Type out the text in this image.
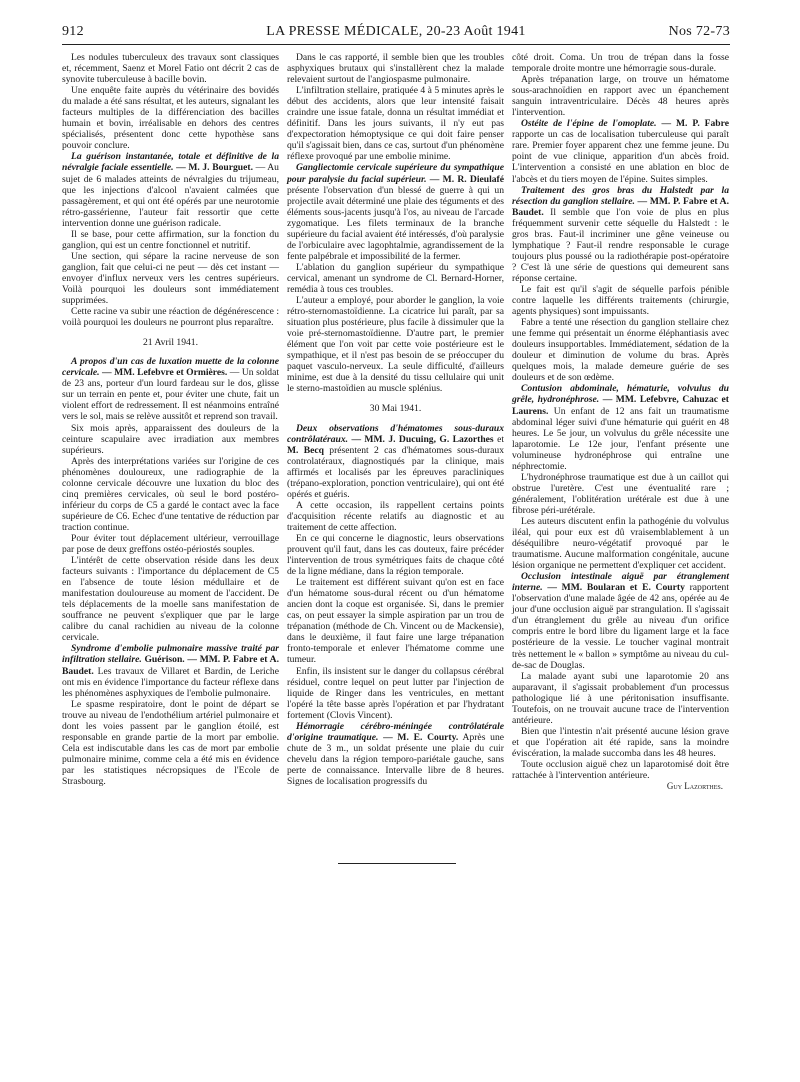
912	LA PRESSE MÉDICALE, 20-23 Août 1941	Nos 72-73

Les nodules tuberculeux des travaux sont classiques et, récemment, Saenz et Morel Fatio ont décrit 2 cas de synovite tuberculeuse à bacille bovin.

Une enquête faite auprès du vétérinaire des bovidés du malade a été sans résultat, et les auteurs, signalant les facteurs multiples de la différenciation des bacilles humain et bovin, irréalisable en dehors des centres spécialisés, présentent donc cette hypothèse sans pouvoir conclure.

La guérison instantanée, totale et définitive de la névralgie faciale essentielle. — M. J. Bourguet. — Au sujet de 6 malades atteints de névralgies du trijumeau, que les injections d'alcool n'avaient calmées que passagèrement, et qui ont été opérés par une neurotomie rétro-gassérienne, l'auteur fait ressortir que cette intervention donne une guérison radicale.

Il se base, pour cette affirmation, sur la fonction du ganglion, qui est un centre fonctionnel et nutritif.

Une section, qui sépare la racine nerveuse de son ganglion, fait que celui-ci ne peut — dès cet instant — envoyer d'influx nerveux vers les centres supérieurs. Voilà pourquoi les douleurs sont immédiatement supprimées.

Cette racine va subir une réaction de dégénérescence : voilà pourquoi les douleurs ne pourront plus reparaître.

21 Avril 1941.

A propos d'un cas de luxation muette de la colonne cervicale. — MM. Lefebvre et Ormières. — Un soldat de 23 ans, porteur d'un lourd fardeau sur le dos, glisse sur un terrain en pente et, pour éviter une chute, fait un violent effort de redressement. Il est néanmoins entraîné vers le sol, mais se relève aussitôt et reprend son travail.

Six mois après, apparaissent des douleurs de la ceinture scapulaire avec irradiation aux membres supérieurs.

Après des interprétations variées sur l'origine de ces phénomènes douloureux, une radiographie de la colonne cervicale découvre une luxation du bloc des cinq premières cervicales, où seul le bord postéro-inférieur du corps de C5 a gardé le contact avec la face supérieure de C6. Echec d'une tentative de réduction par traction continue.

Pour éviter tout déplacement ultérieur, verrouillage par pose de deux greffons ostéo-périostés souples.

L'intérêt de cette observation réside dans les deux facteurs suivants : l'importance du déplacement de C5 en l'absence de toute lésion médullaire et de manifestation douloureuse au moment de l'accident. De tels déplacements de la moelle sans manifestation de souffrance ne peuvent s'expliquer que par le large calibre du canal rachidien au niveau de la colonne cervicale.

Syndrome d'embolie pulmonaire massive traité par infiltration stellaire. Guérison. — MM. P. Fabre et A. Baudet. Les travaux de Villaret et Bardin, de Leriche ont mis en évidence l'importance du facteur réflexe dans les phénomènes asphyxiques de l'embolie pulmonaire.

Le spasme respiratoire, dont le point de départ se trouve au niveau de l'endothélium artériel pulmonaire et dont les voies passent par le ganglion étoilé, est responsable en grande partie de la mort par embolie. Cela est indiscutable dans les cas de mort par embolie pulmonaire minime, comme cela a été mis en évidence par les statistiques nécropsiques de l'Ecole de Strasbourg.

Dans le cas rapporté, il semble bien que les troubles asphyxiques brutaux qui s'installèrent chez la malade relevaient surtout de l'angiospasme pulmonaire.

L'infiltration stellaire, pratiquée 4 à 5 minutes après le début des accidents, alors que leur intensité faisait craindre une issue fatale, donna un résultat immédiat et définitif. Dans les jours suivants, il n'y eut pas d'expectoration hémoptysique ce qui doit faire penser qu'il s'agissait bien, dans ce cas, surtout d'un phénomène réflexe provoqué par une embolie minime.

Gangliectomie cervicale supérieure du sympathique pour paralysie du facial supérieur. — M. R. Dieulafé présente l'observation d'un blessé de guerre à qui un projectile avait déterminé une plaie des téguments et des éléments sous-jacents jusqu'à l'os, au niveau de l'arcade zygomatique. Les filets terminaux de la branche supérieure du facial avaient été intéressés, d'où paralysie de l'orbiculaire avec lagophtalmie, agrandissement de la fente palpébrale et impossibilité de la fermer.

L'ablation du ganglion supérieur du sympathique cervical, amenant un syndrome de Cl. Bernard-Horner, remédia à tous ces troubles.

L'auteur a employé, pour aborder le ganglion, la voie rétro-sternomastoïdienne. La cicatrice lui paraît, par sa situation plus postérieure, plus facile à dissimuler que la voie pré-sternomastoïdienne. D'autre part, le premier élément que l'on voit par cette voie postérieure est le sympathique, et il n'est pas besoin de se préoccuper du paquet vasculo-nerveux. La seule difficulté, d'ailleurs minime, est due à la densité du tissu cellulaire qui unit le sterno-mastoïdien au muscle splénius.

30 Mai 1941.

Deux observations d'hématomes sous-duraux contrôlatéraux. — MM. J. Ducuing, G. Lazorthes et M. Becq présentent 2 cas d'hématomes sous-duraux controlatéraux, diagnostiqués par la clinique, mais affirmés et localisés par les épreuves paracliniques (trépano-exploration, ponction ventriculaire), qui ont été opérés et guéris.

A cette occasion, ils rappellent certains points d'acquisition récente relatifs au diagnostic et au traitement de cette affection.

En ce qui concerne le diagnostic, leurs observations prouvent qu'il faut, dans les cas douteux, faire précéder l'intervention de trous symétriques faits de chaque côté de la ligne médiane, dans la région temporale.

Le traitement est différent suivant qu'on est en face d'un hématome sous-dural récent ou d'un hématome ancien dont la coque est organisée. Si, dans le premier cas, on peut essayer la simple aspiration par un trou de trépanation (méthode de Ch. Vincent ou de Mackensie), dans le deuxième, il faut faire une large trépanation fronto-temporale et enlever l'hématome comme une tumeur.

Enfin, ils insistent sur le danger du collapsus cérébral résiduel, contre lequel on peut lutter par l'injection de liquide de Ringer dans les ventricules, en mettant l'opéré la tête basse après l'opération et par l'hydratant fortement (Clovis Vincent).

Hémorragie cérébro-méningée contrôlatérale d'origine traumatique. — M. E. Courty. Après une chute de 3 m., un soldat présente une plaie du cuir chevelu dans la région temporo-pariétale gauche, sans perte de connaissance. Intervalle libre de 8 heures. Signes de localisation progressifs du

côté droit. Coma. Un trou de trépan dans la fosse temporale droite montre une hémorragie sous-durale.

Après trépanation large, on trouve un hématome sous-arachnoïdien en rapport avec un épanchement sanguin intraventriculaire. Décès 48 heures après l'intervention.

Ostéite de l'épine de l'omoplate. — M. P. Fabre rapporte un cas de localisation tuberculeuse qui paraît rare. Premier foyer apparent chez une femme jeune. Du point de vue clinique, apparition d'un abcès froid. L'intervention a consisté en une ablation en bloc de l'abcès et du tiers moyen de l'épine. Suites simples.

Traitement des gros bras du Halstedt par la résection du ganglion stellaire. — MM. P. Fabre et A. Baudet. Il semble que l'on voie de plus en plus fréquemment survenir cette séquelle du Halstedt : le gros bras. Faut-il incriminer une gêne veineuse ou lymphatique ? Faut-il rendre responsable le curage toujours plus poussé ou la radiothérapie post-opératoire ? C'est là une série de questions qui demeurent sans réponse certaine.

Le fait est qu'il s'agit de séquelle parfois pénible contre laquelle les différents traitements (chirurgie, agents physiques) sont impuissants.

Fabre a tenté une résection du ganglion stellaire chez une femme qui présentait un énorme éléphantiasis avec douleurs insupportables. Immédiatement, sédation de la douleur et diminution de volume du bras. Après quelques mois, la malade demeure guérie de ses douleurs et de son œdème.

Contusion abdominale, hématurie, volvulus du grêle, hydronéphrose. — MM. Lefebvre, Cahuzac et Laurens. Un enfant de 12 ans fait un traumatisme abdominal léger suivi d'une hématurie qui guérit en 48 heures. Le 5e jour, un volvulus du grêle nécessite une laparotomie. Le 12e jour, l'enfant présente une volumineuse hydronéphrose qui entraîne une néphrectomie.

L'hydronéphrose traumatique est due à un caillot qui obstrue l'uretère. C'est une éventualité rare ; généralement, l'oblitération urétérale est due à une fibrose péri-urétérale.

Les auteurs discutent enfin la pathogénie du volvulus iléal, qui pour eux est dû vraisemblablement à un déséquilibre neuro-végétatif provoqué par le traumatisme. Aucune malformation congénitale, aucune lésion organique ne permettent d'expliquer cet accident.

Occlusion intestinale aiguë par étranglement interne. — MM. Boularan et E. Courty rapportent l'observation d'une malade âgée de 42 ans, opérée au 4e jour d'une occlusion aiguë par strangulation. Il s'agissait d'un étranglement du grêle au niveau d'un orifice compris entre le bord libre du ligament large et la face postérieure de la vessie. Le toucher vaginal montrait très nettement le « ballon » symptôme au niveau du cul-de-sac de Douglas.

La malade ayant subi une laparotomie 20 ans auparavant, il s'agissait probablement d'un processus pathologique lié à une péritonisation insuffisante. Toutefois, on ne trouvait aucune trace de l'intervention antérieure.

Bien que l'intestin n'ait présenté aucune lésion grave et que l'opération ait été rapide, sans la moindre éviscération, la malade succomba dans les 48 heures.

Toute occlusion aiguë chez un laparotomisé doit être rattachée à l'intervention antérieure.

Guy Lazorthes.
